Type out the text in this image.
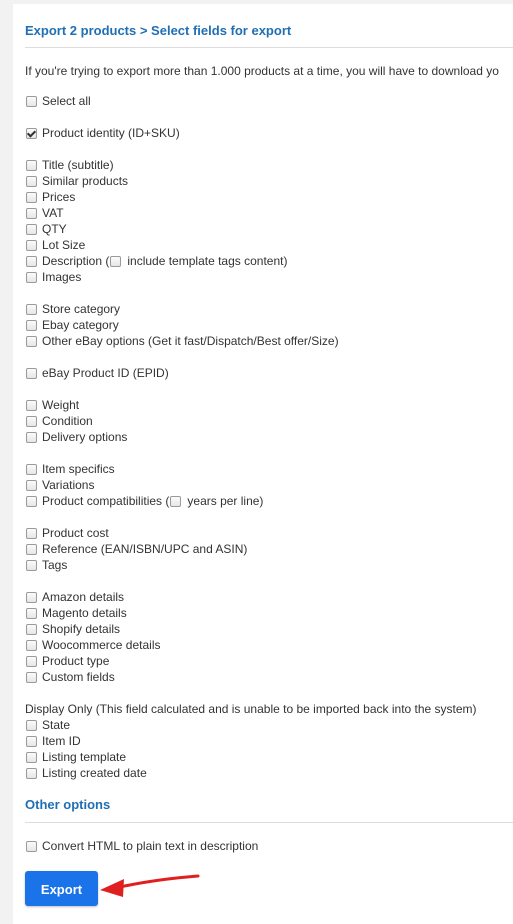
Export 2 products > Select fields for export
If you're trying to export more than 1.000 products at a time, you will have to download yo
Select all
Product identity (ID+SKU)
Title (subtitle)
Similar products
Prices
VAT
QTY
Lot Size
Description ( include template tags content)
Images
Store category
Ebay category
Other eBay options (Get it fast/Dispatch/Best offer/Size)
eBay Product ID (EPID)
Weight
Condition
Delivery options
Item specifics
Variations
Product compatibilities ( years per line)
Product cost
Reference (EAN/ISBN/UPC and ASIN)
Tags
Amazon details
Magento details
Shopify details
Woocommerce details
Product type
Custom fields
Display Only (This field calculated and is unable to be imported back into the system)
State
Item ID
Listing template
Listing created date
Other options
Convert HTML to plain text in description
Export
